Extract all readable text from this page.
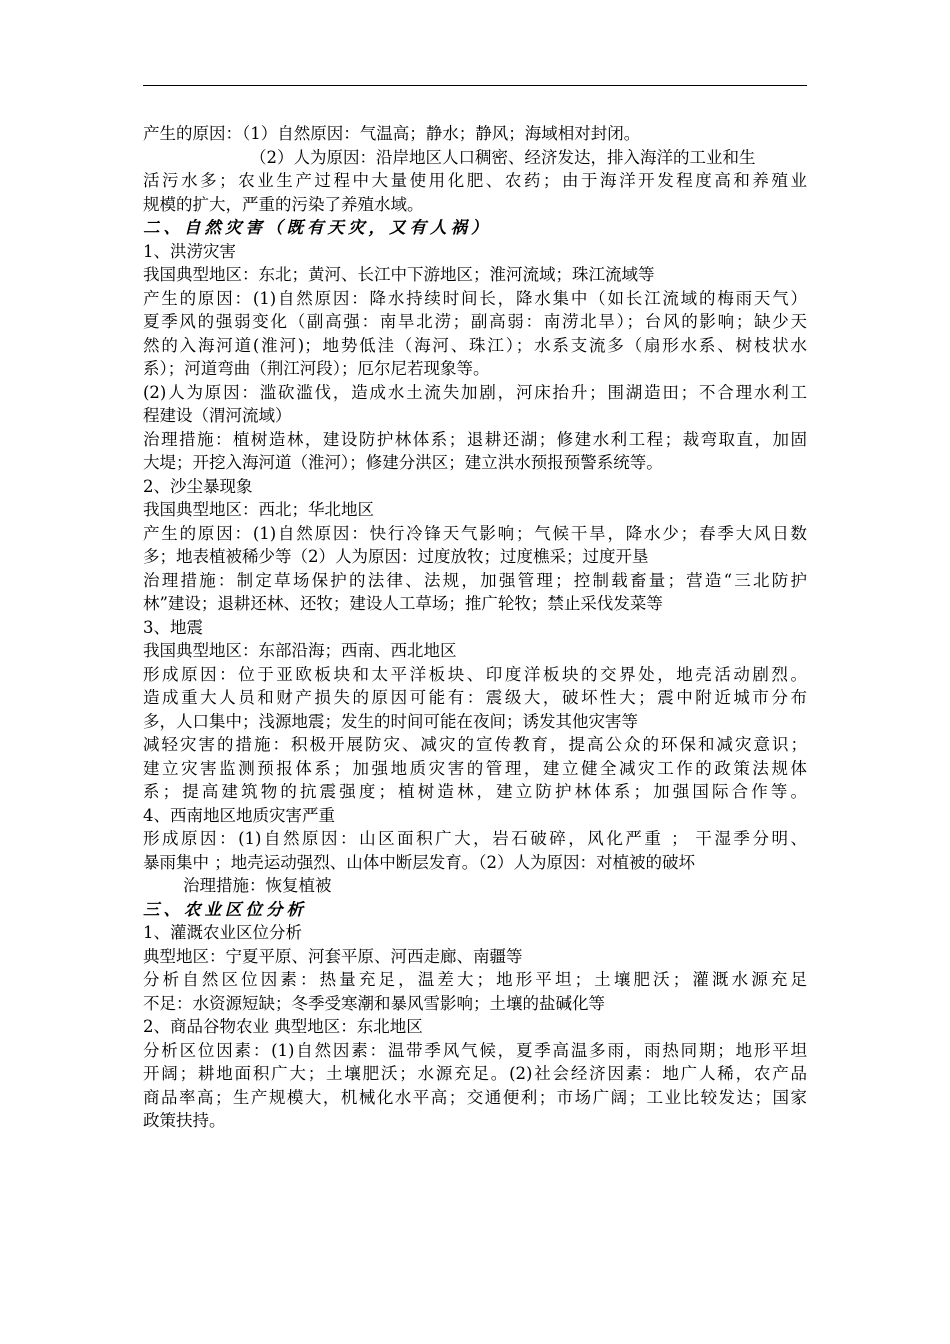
产生的原因：（1）自然原因：气温高；静水；静风；海域相对封闭。
（2）人为原因：沿岸地区人口稠密、经济发达，排入海洋的工业和生
活污水多；农业生产过程中大量使用化肥、农药；由于海洋开发程度高和养殖业
规模的扩大，严重的污染了养殖水域。
二、自然灾害（既有天灾，又有人祸）
1、洪涝灾害
我国典型地区：东北；黄河、长江中下游地区；淮河流域；珠江流域等
产生的原因：(1)自然原因：降水持续时间长，降水集中（如长江流域的梅雨天气）
夏季风的强弱变化（副高强：南旱北涝；副高弱：南涝北旱）；台风的影响；缺少天
然的入海河道(淮河)；地势低洼（海河、珠江）；水系支流多（扇形水系、树枝状水
系）；河道弯曲（荆江河段）；厄尔尼若现象等。
(2)人为原因：滥砍滥伐，造成水土流失加剧，河床抬升；围湖造田；不合理水利工
程建设（渭河流域）
治理措施：植树造林，建设防护林体系；退耕还湖；修建水利工程；裁弯取直，加固
大堤；开挖入海河道（淮河）；修建分洪区；建立洪水预报预警系统等。
2、沙尘暴现象
我国典型地区：西北；华北地区
产生的原因：(1)自然原因：快行冷锋天气影响；气候干旱，降水少；春季大风日数
多；地表植被稀少等（2）人为原因：过度放牧；过度樵采；过度开垦
治理措施：制定草场保护的法律、法规，加强管理；控制载畜量；营造“三北防护
林”建设；退耕还林、还牧；建设人工草场；推广轮牧；禁止采伐发菜等
3、地震
我国典型地区：东部沿海；西南、西北地区
形成原因：位于亚欧板块和太平洋板块、印度洋板块的交界处，地壳活动剧烈。
造成重大人员和财产损失的原因可能有：震级大，破坏性大；震中附近城市分布
多，人口集中；浅源地震；发生的时间可能在夜间；诱发其他灾害等
减轻灾害的措施：积极开展防灾、减灾的宣传教育，提高公众的环保和减灾意识；
建立灾害监测预报体系；加强地质灾害的管理，建立健全减灾工作的政策法规体
系；提高建筑物的抗震强度；植树造林，建立防护林体系；加强国际合作等。
4、西南地区地质灾害严重
形成原因：(1)自然原因：山区面积广大，岩石破碎，风化严重 ； 干湿季分明、
暴雨集中 ；地壳运动强烈、山体中断层发育。（2）人为原因：对植被的破坏
治理措施：恢复植被
三、农业区位分析
1、灌溉农业区位分析
典型地区：宁夏平原、河套平原、河西走廊、南疆等
分析自然区位因素：热量充足，温差大；地形平坦；土壤肥沃；灌溉水源充足
不足：水资源短缺；冬季受寒潮和暴风雪影响；土壤的盐碱化等
2、商品谷物农业 典型地区：东北地区
分析区位因素：(1)自然因素：温带季风气候，夏季高温多雨，雨热同期；地形平坦
开阔；耕地面积广大；土壤肥沃；水源充足。(2)社会经济因素：地广人稀，农产品
商品率高；生产规模大，机械化水平高；交通便利；市场广阔；工业比较发达；国家
政策扶持。
